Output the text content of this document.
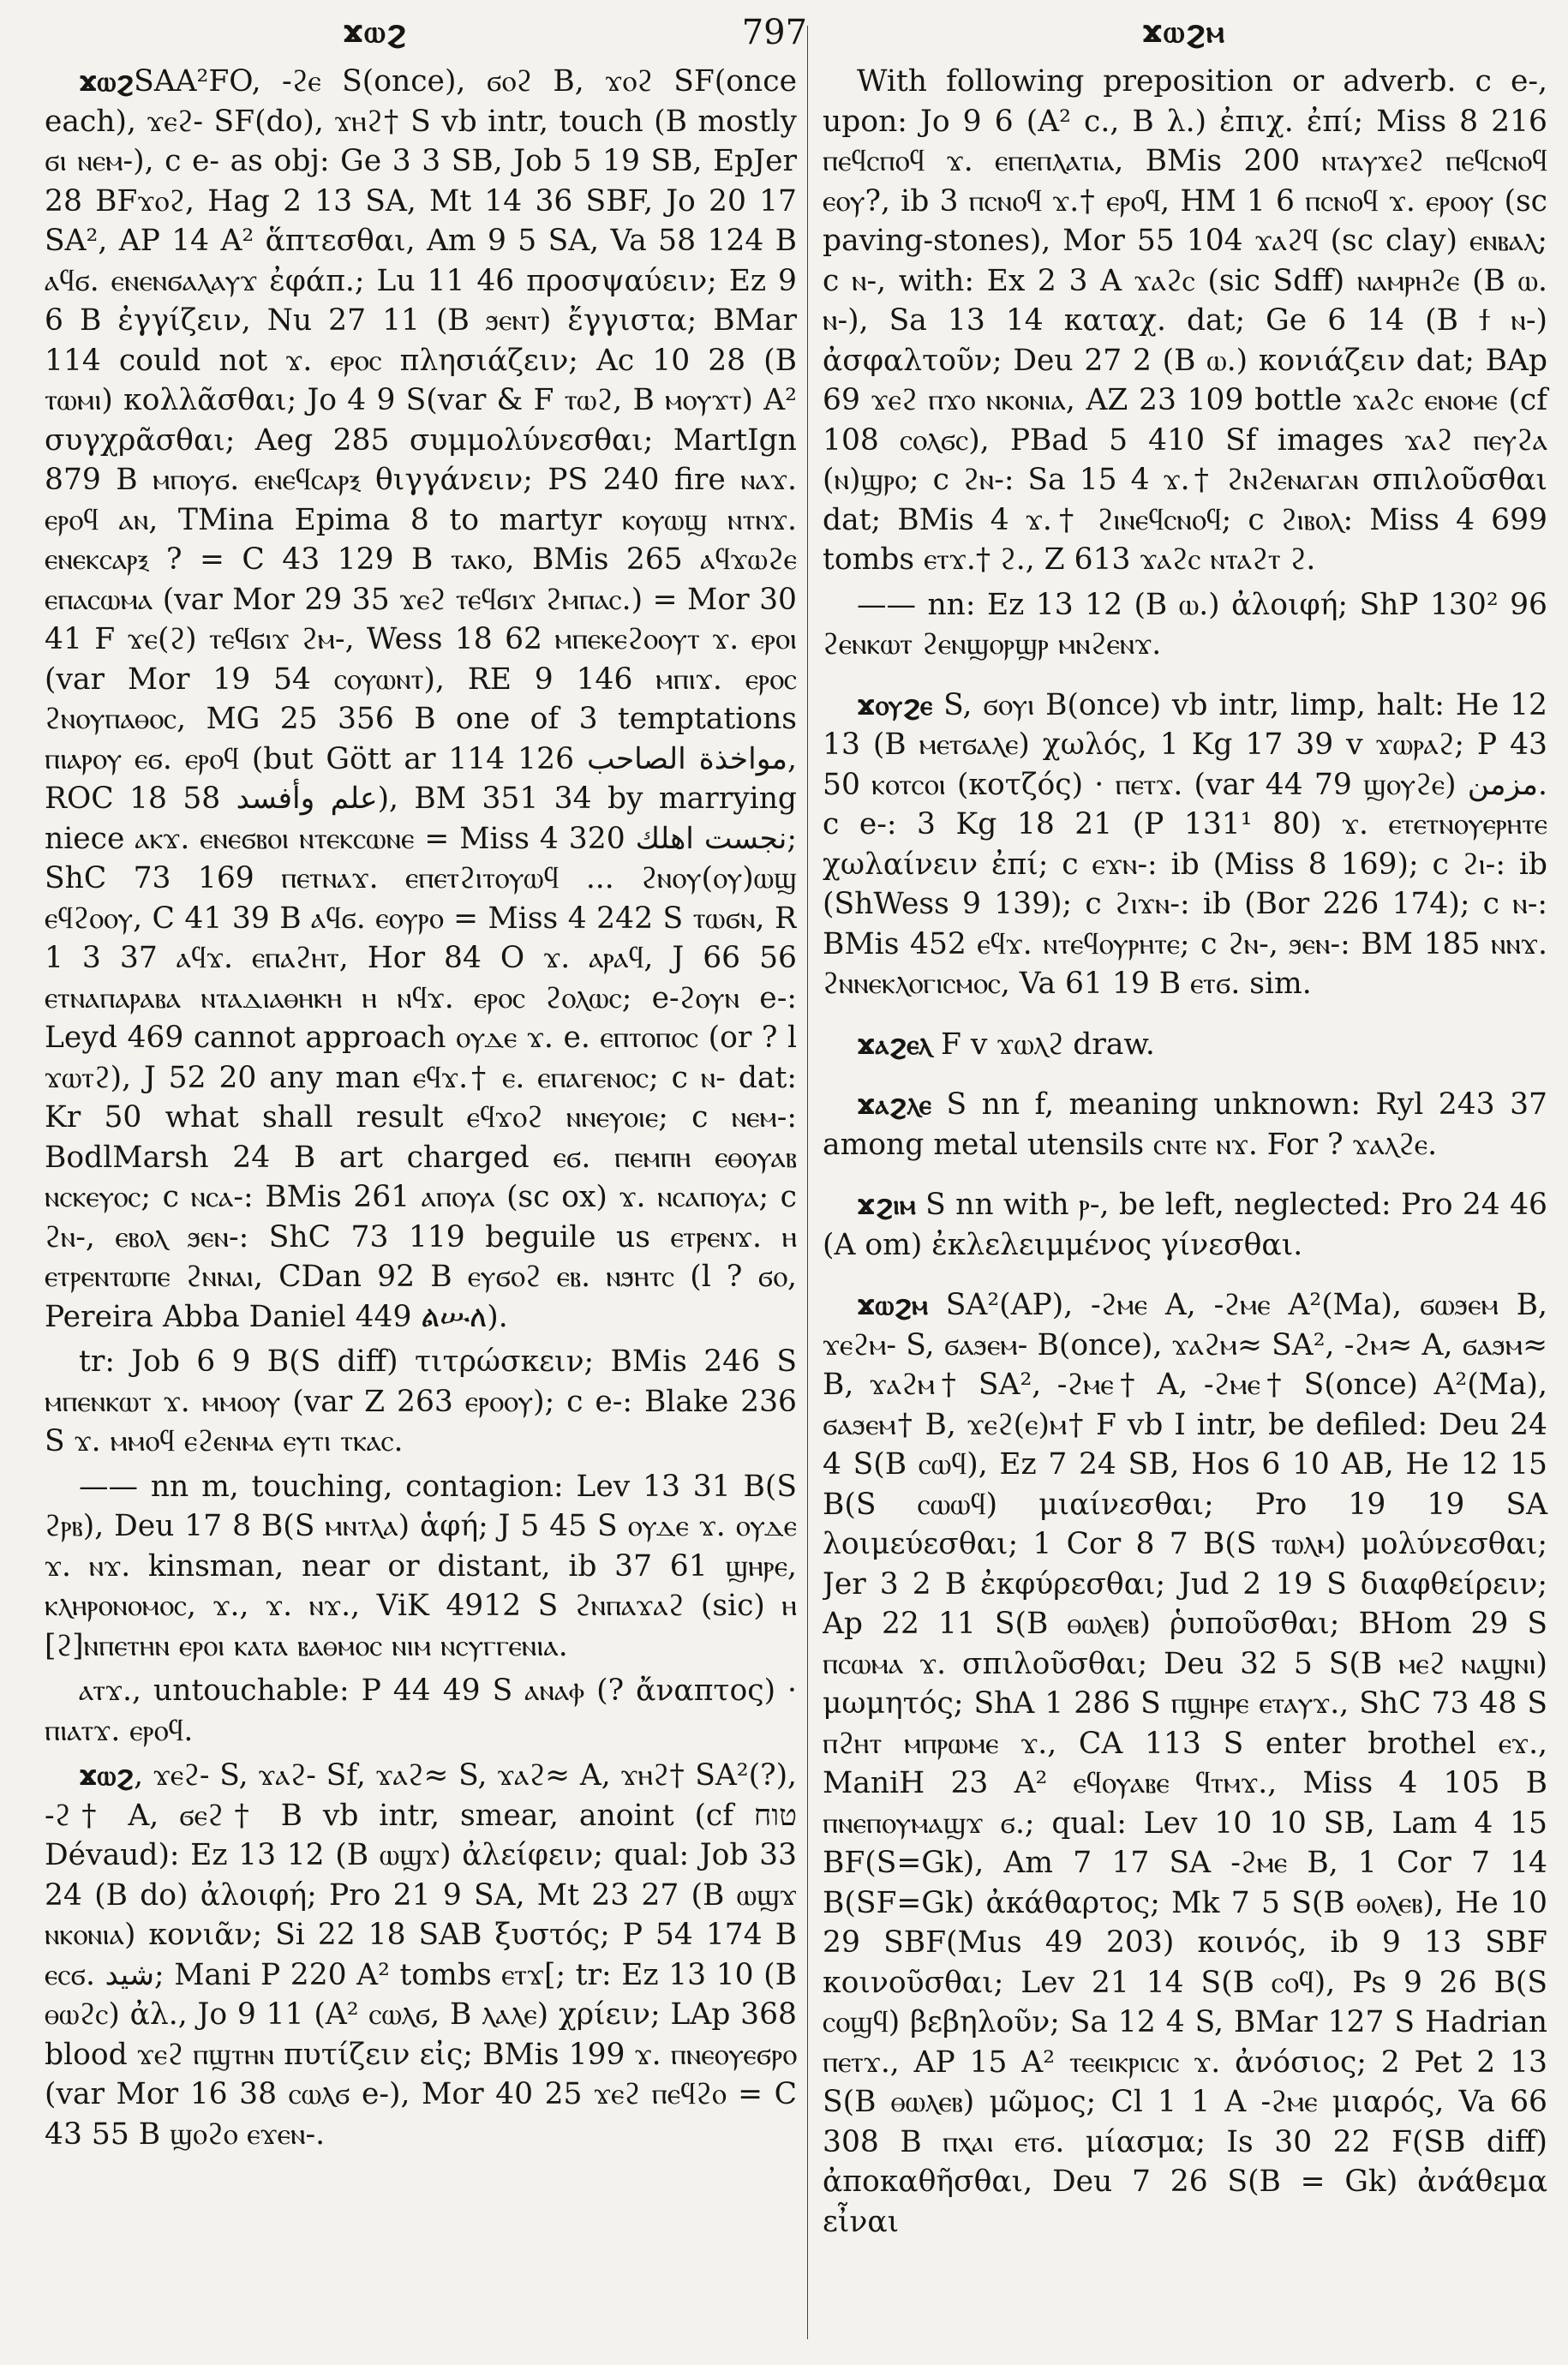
ϫⲱϩ	797	ϫⲱϩⲙ

ϫⲱϩSAA²FO, -ϩⲉ S(once), ϭⲟϩ B, ϫⲟϩ SF(once each), ϫⲉϩ- SF(do), ϫⲏϩ† S vb intr, touch (B mostly ϭⲓ ⲛⲉⲙ-), c e- as obj: Ge 3 3 SB, Job 5 19 SB, EpJer 28 BFϫⲟϩ, Hag 2 13 SA, Mt 14 36 SBF, Jo 20 17 SA², AP 14 A² ἅπτεσθαι, Am 9 5 SA, Va 58 124 B ⲁϥϭ. ⲉⲛⲉⲛϭⲁⲗⲁⲩϫ ἐφάπ.; Lu 11 46 προσψαύειν; Ez 9 6 B ἐγγίζειν, Nu 27 11 (B ϧⲉⲛⲧ) ἔγγιστα; BMar 114 could not ϫ. ⲉⲣⲟⲥ πλησιάζειν; Ac 10 28 (B ⲧⲱⲙⲓ) κολλᾶσθαι; Jo 4 9 S(var & F ⲧⲱϩ, B ⲙⲟⲩϫⲧ) A² συγχρᾶσθαι; Aeg 285 συμμολύνεσθαι; MartIgn 879 B ⲙⲡⲟⲩϭ. ⲉⲛⲉϥⲥⲁⲣⲝ θιγγάνειν; PS 240 fire ⲛⲁϫ. ⲉⲣⲟϥ ⲁⲛ, TMina Epima 8 to martyr ⲕⲟⲩⲱϣ ⲛⲧⲛϫ. ⲉⲛⲉⲕⲥⲁⲣⲝ ? = C 43 129 B ⲧⲁⲕⲟ, BMis 265 ⲁϥϫⲱϩⲉ ⲉⲡⲁⲥⲱⲙⲁ (var Mor 29 35 ϫⲉϩ ⲧⲉϥϭⲓϫ ϩⲙⲡⲁⲥ.) = Mor 30 41 F ϫⲉ(ϩ) ⲧⲉϥϭⲓϫ ϩⲙ-, Wess 18 62 ⲙⲡⲉⲕⲉϩⲟⲟⲩⲧ ϫ. ⲉⲣⲟⲓ (var Mor 19 54 ⲥⲟⲩⲱⲛⲧ), RE 9 146 ⲙⲡⲓϫ. ⲉⲣⲟⲥ ϩⲛⲟⲩⲡⲁⲑⲟⲥ, MG 25 356 B one of 3 temptations ⲡⲓⲁⲣⲟⲩ ⲉϭ. ⲉⲣⲟϥ (but Gött ar 114 126 مواخذة الصاحب, ROC 18 58 علم وأفسد), BM 351 34 by marrying niece ⲁⲕϫ. ⲉⲛⲉϭⲃⲟⲓ ⲛⲧⲉⲕⲥⲱⲛⲉ = Miss 4 320 نجست اهلك; ShC 73 169 ⲡⲉⲧⲛⲁϫ. ⲉⲡⲉⲧϩⲓⲧⲟⲩⲱϥ ... ϩⲛⲟⲩ(ⲟⲩ)ⲱϣ ⲉϥϩⲟⲟⲩ, C 41 39 B ⲁϥϭ. ⲉⲟⲩⲣⲟ = Miss 4 242 S ⲧⲱϭⲛ, R 1 3 37 ⲁϥϫ. ⲉⲡⲁϩⲏⲧ, Hor 84 O ϫ. ⲁⲣⲁϥ, J 66 56 ⲉⲧⲛⲁⲡⲁⲣⲁⲃⲁ ⲛⲧⲁⲇⲓⲁⲑⲏⲕⲏ ⲏ ⲛϥϫ. ⲉⲣⲟⲥ ϩⲟⲗⲱⲥ; e-ϩⲟⲩⲛ e-: Leyd 469 cannot approach ⲟⲩⲇⲉ ϫ. e. ⲉⲡⲧⲟⲡⲟⲥ (or ? l ϫⲱⲧϩ), J 52 20 any man ⲉϥϫ.† ⲉ. ⲉⲡⲁⲅⲉⲛⲟⲥ; c ⲛ- dat: Kr 50 what shall result ⲉϥϫⲟϩ ⲛⲛⲉⲩⲟⲓⲉ; c ⲛⲉⲙ-: BodlMarsh 24 B art charged ⲉϭ. ⲡⲉⲙⲡⲏ ⲉⲑⲟⲩⲁⲃ ⲛⲥⲕⲉⲩⲟⲥ; c ⲛⲥⲁ-: BMis 261 ⲁⲡⲟⲩⲁ (sc ox) ϫ. ⲛⲥⲁⲡⲟⲩⲁ; c ϩⲛ-, ⲉⲃⲟⲗ ϧⲉⲛ-: ShC 73 119 beguile us ⲉⲧⲣⲉⲛϫ. ⲏ ⲉⲧⲣⲉⲛⲧⲱⲡⲉ ϩⲛⲛⲁⲓ, CDan 92 B ⲉⲩϭⲟϩ ⲉⲃ. ⲛϧⲏⲧⲥ (l ? ϭⲟ, Pereira Abba Daniel 449 ልሡለ).

tr: Job 6 9 B(S diff) τιτρώσκειν; BMis 246 S ⲙⲡⲉⲛⲕⲱⲧ ϫ. ⲙⲙⲟⲟⲩ (var Z 263 ⲉⲣⲟⲟⲩ); c e-: Blake 236 S ϫ. ⲙⲙⲟϥ ⲉϩⲉⲛⲙⲁ ⲉⲩⲧⲓ ⲧⲕⲁⲥ.

—— nn m, touching, contagion: Lev 13 31 B(S ϩⲣⲃ), Deu 17 8 B(S ⲙⲛⲧⲗⲁ) ἁφή; J 5 45 S ⲟⲩⲇⲉ ϫ. ⲟⲩⲇⲉ ϫ. ⲛϫ. kinsman, near or distant, ib 37 61 ϣⲏⲣⲉ, ⲕⲗⲏⲣⲟⲛⲟⲙⲟⲥ, ϫ., ϫ. ⲛϫ., ViK 4912 S ϩⲛⲡⲁϫⲁϩ (sic) ⲏ [ϩ]ⲛⲡⲉⲧⲏⲛ ⲉⲣⲟⲓ ⲕⲁⲧⲁ ⲃⲁⲑⲙⲟⲥ ⲛⲓⲙ ⲛⲥⲩⲅⲅⲉⲛⲓⲁ.

ⲁⲧϫ., untouchable: P 44 49 S ⲁⲛⲁⲫ (? ἄναπτος) · ⲡⲓⲁⲧϫ. ⲉⲣⲟϥ.

ϫⲱϩ, ϫⲉϩ- S, ϫⲁϩ- Sf, ϫⲁϩ≈ S, ϫⲁϩ≈ A, ϫⲏϩ† SA²(?), -ϩ† A, ϭⲉϩ† B vb intr, smear, anoint (cf טוח Dévaud): Ez 13 12 (B ⲱϣϫ) ἀλείφειν; qual: Job 33 24 (B do) ἀλοιφή; Pro 21 9 SA, Mt 23 27 (B ⲱϣϫ ⲛⲕⲟⲛⲓⲁ) κονιᾶν; Si 22 18 SAB ξυστός; P 54 174 B ⲉⲥϭ. شيد; Mani P 220 A² tombs ⲉⲧϫ[; tr: Ez 13 10 (B ⲑⲱϩⲥ) ἀλ., Jo 9 11 (A² ⲥⲱⲗϭ, B ⲗⲁⲗⲉ) χρίειν; LAp 368 blood ϫⲉϩ ⲡϣⲧⲏⲛ πυτίζειν εἰς; BMis 199 ϫ. ⲡⲛⲉⲟⲩⲉϭⲣⲟ (var Mor 16 38 ⲥⲱⲗϭ e-), Mor 40 25 ϫⲉϩ ⲡⲉϥϩⲟ = C 43 55 B ϣⲟϩⲟ ⲉϫⲉⲛ-.

With following preposition or adverb. c e-, upon: Jo 9 6 (A² c., B λ.) ἐπιχ. ἐπί; Miss 8 216 ⲡⲉϥⲥⲡⲟϥ ϫ. ⲉⲡⲉⲡⲗⲁⲧⲓⲁ, BMis 200 ⲛⲧⲁⲩϫⲉϩ ⲡⲉϥⲥⲛⲟϥ ⲉⲟⲩ?, ib 3 ⲡⲥⲛⲟϥ ϫ.† ⲉⲣⲟϥ, HM 1 6 ⲡⲥⲛⲟϥ ϫ. ⲉⲣⲟⲟⲩ (sc paving-stones), Mor 55 104 ϫⲁϩϥ (sc clay) ⲉⲛⲃⲁⲗ; c ⲛ-, with: Ex 2 3 A ϫⲁϩⲥ (sic Sdff) ⲛⲁⲙⲣⲏϩⲉ (B ⲱ. ⲛ-), Sa 13 14 καταχ. dat; Ge 6 14 (B ϯ ⲛ-) ἀσφαλτοῦν; Deu 27 2 (B ⲱ.) κονιάζειν dat; BAp 69 ϫⲉϩ ⲡϫⲟ ⲛⲕⲟⲛⲓⲁ, AZ 23 109 bottle ϫⲁϩⲥ ⲉⲛⲟⲙⲉ (cf 108 ⲥⲟⲗϭⲥ), PBad 5 410 Sf images ϫⲁϩ ⲡⲉⲩϩⲁ (ⲛ)ϣⲣⲟ; c ϩⲛ-: Sa 15 4 ϫ.† ϩⲛϩⲉⲛⲁⲅⲁⲛ σπιλοῦσθαι dat; BMis 4 ϫ.† ϩⲓⲛⲉϥⲥⲛⲟϥ; c ϩⲓⲃⲟⲗ: Miss 4 699 tombs ⲉⲧϫ.† ϩ., Z 613 ϫⲁϩⲥ ⲛⲧⲁϩⲧ ϩ.

—— nn: Ez 13 12 (B ⲱ.) ἀλοιφή; ShP 130² 96 ϩⲉⲛⲕⲱⲧ ϩⲉⲛϣⲟⲣϣⲣ ⲙⲛϩⲉⲛϫ.

ϫⲟⲩϩⲉ S, ϭⲟⲩⲓ B(once) vb intr, limp, halt: He 12 13 (B ⲙⲉⲧϭⲁⲗⲉ) χωλός, 1 Kg 17 39 v ϫⲱⲣⲁϩ; P 43 50 ⲕⲟⲧⲥⲟⲓ (κοτζός) · ⲡⲉⲧϫ. (var 44 79 ϣⲟⲩϩⲉ) مزمن. c e-: 3 Kg 18 21 (P 131¹ 80) ϫ. ⲉⲧⲉⲧⲛⲟⲩⲉⲣⲏⲧⲉ χωλαίνειν ἐπί; c ⲉϫⲛ-: ib (Miss 8 169); c ϩⲓ-: ib (ShWess 9 139); c ϩⲓϫⲛ-: ib (Bor 226 174); c ⲛ-: BMis 452 ⲉϥϫ. ⲛⲧⲉϥⲟⲩⲣⲏⲧⲉ; c ϩⲛ-, ϧⲉⲛ-: BM 185 ⲛⲛϫ. ϩⲛⲛⲉⲕⲗⲟⲅⲓⲥⲙⲟⲥ, Va 61 19 B ⲉⲧϭ. sim.

ϫⲁϩⲉⲗ F v ϫⲱⲗϩ draw.

ϫⲁϩⲗⲉ S nn f, meaning unknown: Ryl 243 37 among metal utensils ⲥⲛⲧⲉ ⲛϫ. For ? ϫⲁⲗϩⲉ.

ϫϩⲓⲙ S nn with ⲣ-, be left, neglected: Pro 24 46 (A om) ἐκλελειμμένος γίνεσθαι.

ϫⲱϩⲙ SA²(AP), -ϩⲙⲉ A, -ϩⲙⲉ A²(Ma), ϭⲱϧⲉⲙ B, ϫⲉϩⲙ- S, ϭⲁϧⲉⲙ- B(once), ϫⲁϩⲙ≈ SA², -ϩⲙ≈ A, ϭⲁϧⲙ≈ B, ϫⲁϩⲙ† SA², -ϩⲙⲉ† A, -ϩⲙⲉ† S(once) A²(Ma), ϭⲁϧⲉⲙ† B, ϫⲉϩ(ⲉ)ⲙ† F vb I intr, be defiled: Deu 24 4 S(B ⲥⲱϥ), Ez 7 24 SB, Hos 6 10 AB, He 12 15 B(S ⲥⲱⲱϥ) μιαίνεσθαι; Pro 19 19 SA λοιμεύεσθαι; 1 Cor 8 7 B(S ⲧⲱⲗⲙ) μολύνεσθαι; Jer 3 2 B ἐκφύρεσθαι; Jud 2 19 S διαφθείρειν; Ap 22 11 S(B ⲑⲱⲗⲉⲃ) ῥυποῦσθαι; BHom 29 S ⲡⲥⲱⲙⲁ ϫ. σπιλοῦσθαι; Deu 32 5 S(B ⲙⲉϩ ⲛⲁϣⲛⲓ) μωμητός; ShA 1 286 S ⲡϣⲏⲣⲉ ⲉⲧⲁⲩϫ., ShC 73 48 S ⲡϩⲏⲧ ⲙⲡⲣⲱⲙⲉ ϫ., CA 113 S enter brothel ⲉϫ., ManiH 23 A² ⲉϥⲟⲩⲁⲃⲉ ϥⲧⲙϫ., Miss 4 105 B ⲡⲛⲉⲡⲟⲩⲙⲁϣϫ ϭ.; qual: Lev 10 10 SB, Lam 4 15 BF(S=Gk), Am 7 17 SA -ϩⲙⲉ B, 1 Cor 7 14 B(SF=Gk) ἀκάθαρτος; Mk 7 5 S(B ⲑⲟⲗⲉⲃ), He 10 29 SBF(Mus 49 203) κοινός, ib 9 13 SBF κοινοῦσθαι; Lev 21 14 S(B ⲥⲟϥ), Ps 9 26 B(S ⲥⲟϣϥ) βεβηλοῦν; Sa 12 4 S, BMar 127 S Hadrian ⲡⲉⲧϫ., AP 15 A² ⲧⲉⲉⲓⲕⲣⲓⲥⲓⲥ ϫ. ἀνόσιος; 2 Pet 2 13 S(B ⲑⲱⲗⲉⲃ) μῶμος; Cl 1 1 A -ϩⲙⲉ μιαρός, Va 66 308 B ⲡⲭⲁⲓ ⲉⲧϭ. μίασμα; Is 30 22 F(SB diff) ἀποκαθῆσθαι, Deu 7 26 S(B = Gk) ἀνάθεμα εἶναι
